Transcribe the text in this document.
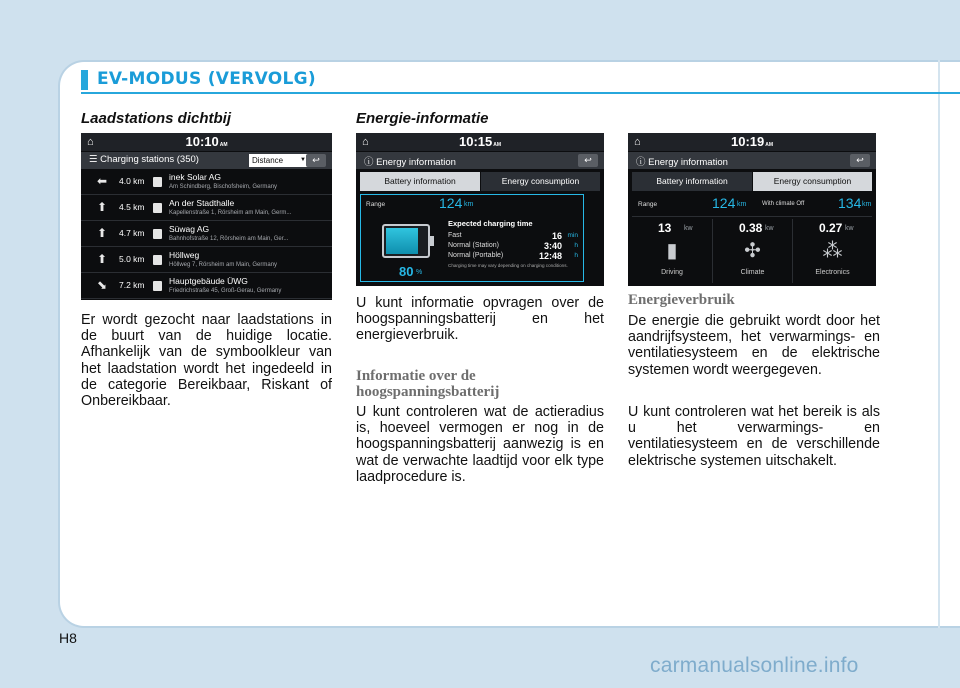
EV-MODUS (VERVOLG)
Laadstations dichtbij
⌂	10:10AM
☰ Charging stations (350)	Distance	▼ ↩
⬅ 4.0 km	inek Solar AG
Am Schindberg, Bischofsheim, Germany
⬆ 4.5 km	An der Stadthalle
Kapellenstraße 1, Rörsheim am Main, Germ...
⬆ 4.7 km	Süwag AG
Bahnhofstraße 12, Rörsheim am Main, Ger...
⬆ 5.0 km	Höllweg
Höllweg 7, Rörsheim am Main, Germany
⬊ 7.2 km	Hauptgebäude ÜWG
Friedrichstraße 45, Groß-Gerau, Germany
Er wordt gezocht naar laadstations in de buurt van de huidige locatie. Afhankelijk van de symboolkleur van het laadstation wordt het ingedeeld in de categorie Bereikbaar, Riskant of Onbereikbaar.
Energie-informatie
⌂	10:15AM
ⓘ Energy information	↩
Battery information	Energy consumption
Range	124 km
80 %
Expected charging time
Fast	16 min
Normal (Station)	3:40 h
Normal (Portable)	12:48 h
Charging time may vary depending on charging conditions.
U kunt informatie opvragen over de hoogspanningsbatterij en het energieverbruik.
Informatie over de hoogspanningsbatterij
U kunt controleren wat de actieradius is, hoeveel vermogen er nog in de hoogspanningsbatterij aanwezig is en wat de verwachte laadtijd voor elk type laadprocedure is.
⌂	10:19AM
ⓘ Energy information	↩
Battery information	Energy consumption
Range	124 km	With climate Off 134 km
13 kw
▮
Driving
0.38 kw
✣
Climate
0.27 kw
⁂
Electronics
Energieverbruik
De energie die gebruikt wordt door het aandrijfsysteem, het verwarmings- en ventilatiesysteem en de elektrische systemen wordt weergegeven.
U kunt controleren wat het bereik is als u het verwarmings- en ventilatiesysteem en de verschillende elektrische systemen uitschakelt.
H8
carmanualsonline.info
